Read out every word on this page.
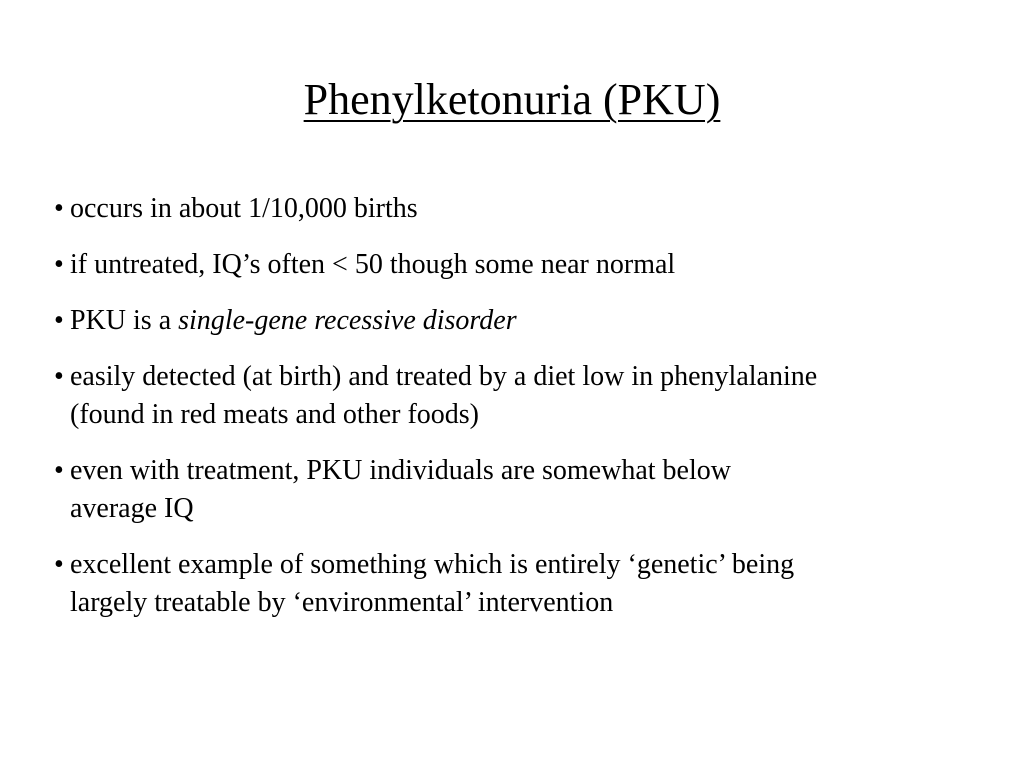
Phenylketonuria (PKU)
• occurs in about 1/10,000 births
• if untreated, IQ’s often < 50 though some near normal
• PKU is a single-gene recessive disorder
• easily detected (at birth) and treated by a diet low in phenylalanine
(found in red meats and other foods)
• even with treatment, PKU individuals are somewhat below
average IQ
• excellent example of something which is entirely ‘genetic’ being
largely treatable by ‘environmental’ intervention
